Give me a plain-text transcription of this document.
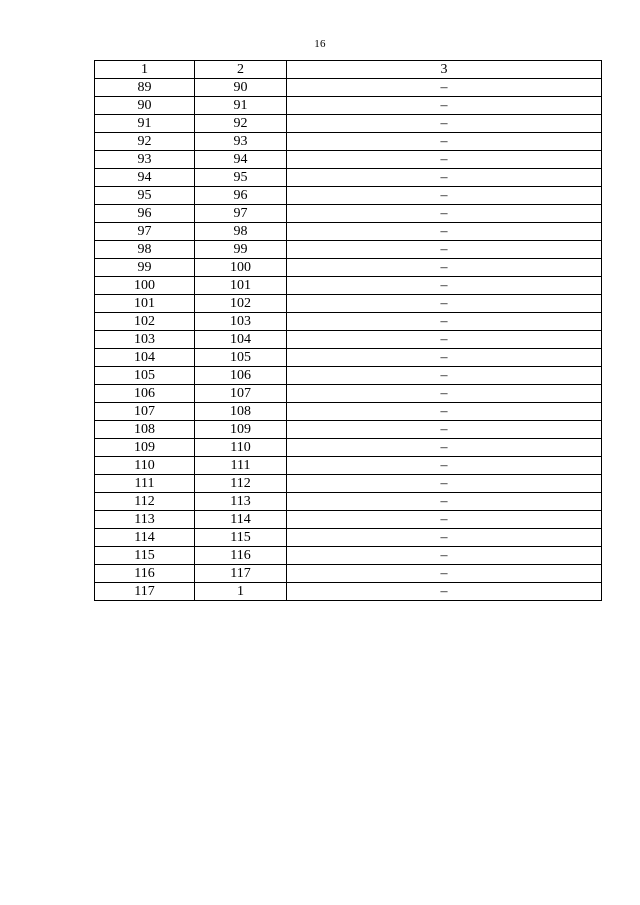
16
1	2	3
89	90	–
90	91	–
91	92	–
92	93	–
93	94	–
94	95	–
95	96	–
96	97	–
97	98	–
98	99	–
99	100	–
100	101	–
101	102	–
102	103	–
103	104	–
104	105	–
105	106	–
106	107	–
107	108	–
108	109	–
109	110	–
110	111	–
111	112	–
112	113	–
113	114	–
114	115	–
115	116	–
116	117	–
117	1	–
